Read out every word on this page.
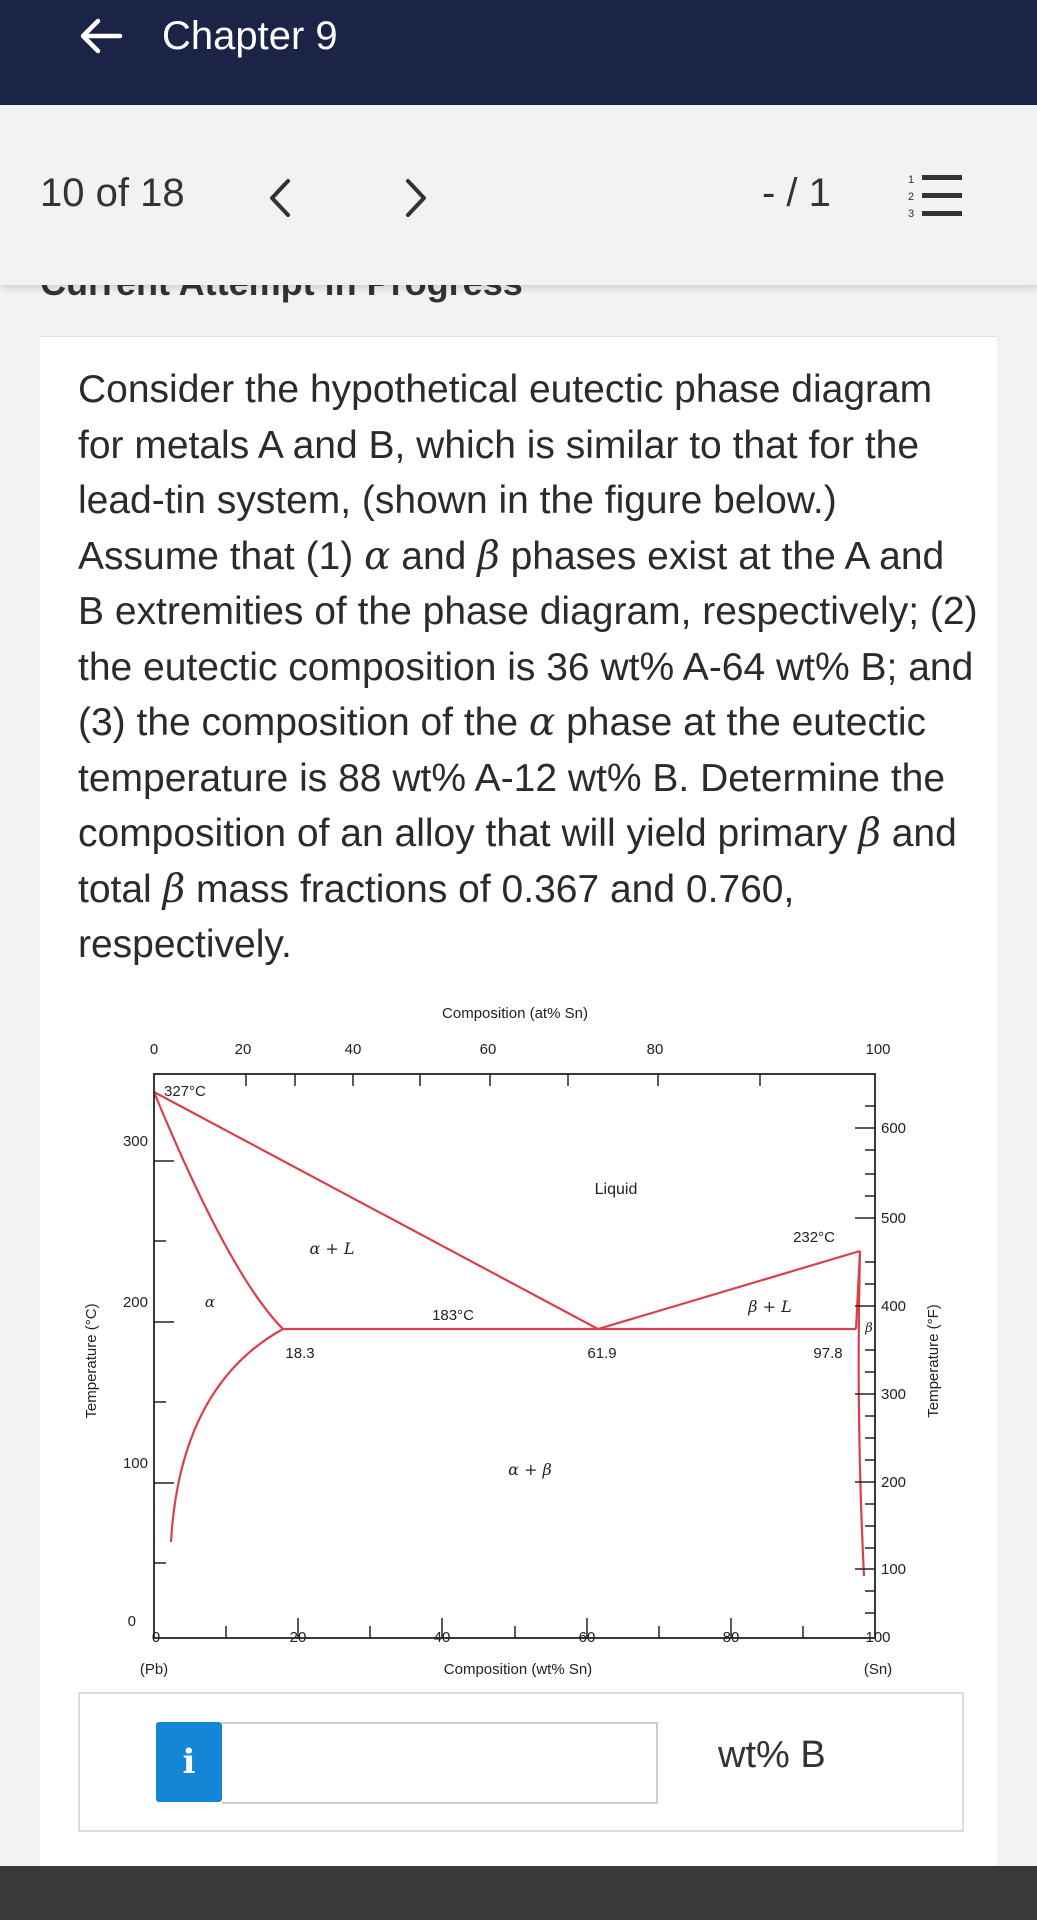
Chapter 9
10 of 18	- / 1	1
2
3
Consider the hypothetical eutectic phase diagram for metals A and B, which is similar to that for the lead-tin system, (shown in the figure below.) Assume that (1) α and β phases exist at the A and B extremities of the phase diagram, respectively; (2) the eutectic composition is 36 wt% A-64 wt% B; and (3) the composition of the α phase at the eutectic temperature is 88 wt% A-12 wt% B. Determine the composition of an alloy that will yield primary β and total β mass fractions of 0.367 and 0.760, respectively.
Composition (at% Sn)
0	20	40	60	80	100
0	20	40	60	80	100
Composition (wt% Sn)
(Pb)	(Sn)
0
100
200
300
Temperature (°C)
100
200
300
400
500
600
Temperature (°F)
327°C
232°C
183°C
Liquid
α + L
β + L
α
β
α + β
18.3	61.9	97.8
i	wt% B
